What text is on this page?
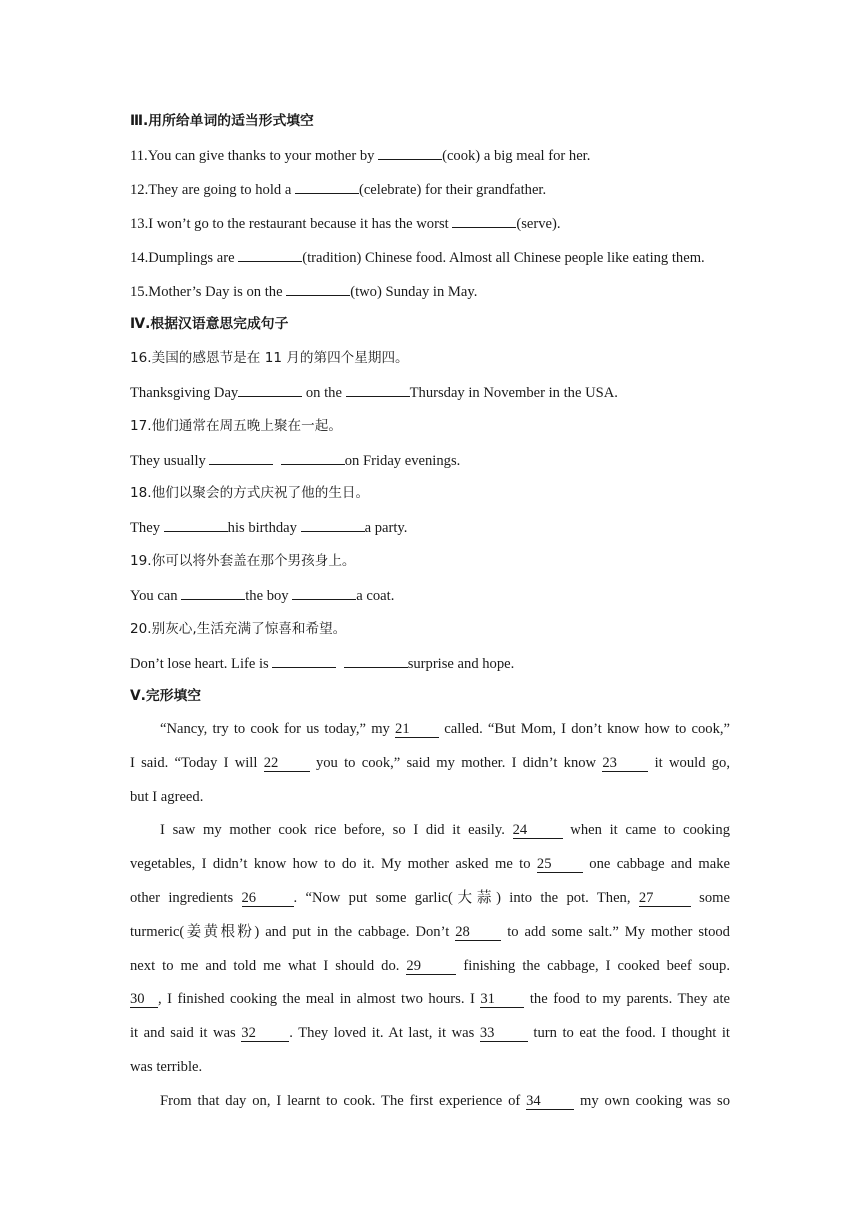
Ⅲ.用所给单词的适当形式填空
11.You can give thanks to your mother by	(cook) a big meal for her.
12.They are going to hold a	(celebrate) for their grandfather.
13.I won’t go to the restaurant because it has the worst	(serve).
14.Dumplings are	(tradition) Chinese food. Almost all Chinese people like eating them.
15.Mother’s Day is on the	(two) Sunday in May.
Ⅳ.根据汉语意思完成句子
16.美国的感恩节是在 11 月的第四个星期四。
Thanksgiving Day	on the	Thursday in November in the USA.
17.他们通常在周五晚上聚在一起。
They usually	on Friday evenings.
18.他们以聚会的方式庆祝了他的生日。
They	his birthday	a party.
19.你可以将外套盖在那个男孩身上。
You can	the boy	a coat.
20.别灰心,生活充满了惊喜和希望。
Don’t lose heart. Life is	surprise and hope.
Ⅴ.完形填空
“Nancy, try to cook for us today,” my 21 called. “But Mom, I don’t know how to cook,”
I said. “Today I will 22 you to cook,” said my mother. I didn’t know 23 it would go,
but I agreed.
I saw my mother cook rice before, so I did it easily. 24 when it came to cooking
vegetables, I didn’t know how to do it. My mother asked me to 25 one cabbage and make
other ingredients 26	. “Now put some garlic(大蒜) into the pot. Then, 27	some
turmeric(姜黄根粉) and put in the cabbage. Don’t 28 to add some salt.” My mother stood
next to me and told me what I should do. 29 finishing the cabbage, I cooked beef soup.
30 , I finished cooking the meal in almost two hours. I 31 the food to my parents. They ate
it and said it was 32 . They loved it. At last, it was 33 turn to eat the food. I thought it
was terrible.
From that day on, I learnt to cook. The first experience of 34 my own cooking was so
